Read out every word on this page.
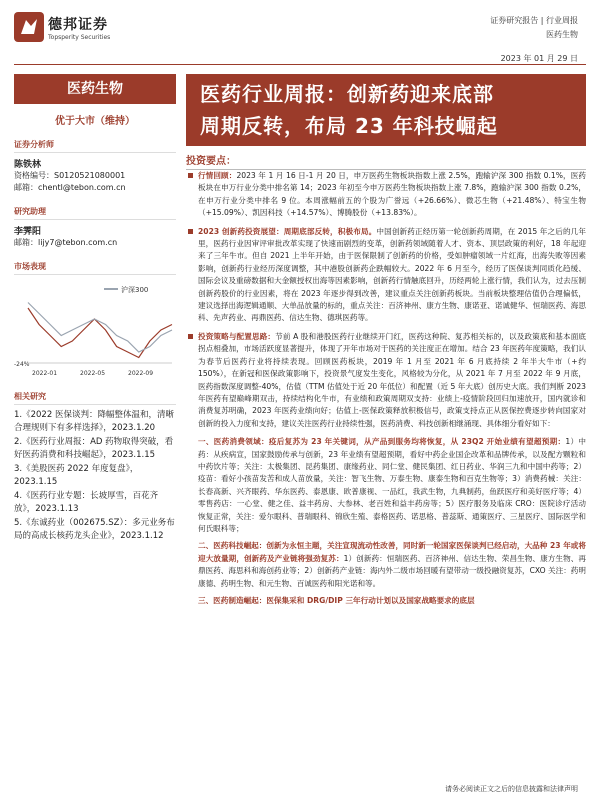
德邦证券
Topsperity Securities
证券研究报告 | 行业周报
医药生物
2023 年 01 月 29 日
医药生物
优于大市（维持）
证券分析师
陈铁林
资格编号：S0120521080001
邮箱：chentl@tebon.com.cn
研究助理
李霁阳
邮箱：lijy7@tebon.com.cn
市场表现
-24%
2022-01	2022-05	2022-09
沪深300
相关研究
1.《2022 医保谈判：降幅整体温和，清晰合理规则下有多样选择》，2023.1.20
2.《医药行业周报：AD 药物取得突破，看好医药消费和科技崛起》，2023.1.15
3.《美股医药 2022 年度复盘》，2023.1.15
4.《医药行业专题：长坡厚雪，百花齐放》，2023.1.13
5.《东诚药业（002675.SZ）：多元业务布局的高成长核药龙头企业》，2023.1.12
医药行业周报：创新药迎来底部
周期反转，布局 23 年科技崛起
投资要点：
行情回顾：2023 年 1 月 16 日-1 月 20 日，申万医药生物板块指数上涨 2.5%，跑输沪深 300 指数 0.1%，医药板块在申万行业分类中排名第 14；2023 年初至今申万医药生物板块指数上涨 7.8%，跑输沪深 300 指数 0.2%，在申万行业分类中排名 9 位。本周涨幅前五的个股为广誉远（+26.66%）、微芯生物（+21.48%）、特宝生物（+15.09%）、凯因科技（+14.57%）、博腾股份（+13.83%）。
2023 创新药投资展望：周期底部反转，积极布局。中国创新药正经历第一轮创新药周期，在 2015 年之后的几年里，医药行业因审评审批改革实现了快速而剧烈的变革，创新药领域随着人才、资本、顶层政策的利好，18 年起迎来了三年牛市。但自 2021 上半年开始，由于医保限制了创新药的价格，受如肿瘤领域一片红海，出海失败等因素影响，创新药行业经历深度调整，其中港股创新药企跌幅较大。2022 年 6 月至今，经历了医保谈判同质化趋缓、国际会议及重磅数据和大金额授权出海等因素影响，创新药行情触底回升，历经两轮上涨行情，我们认为，过去压制创新药股价的行业因素，将在 2023 年逐步得到改善，建议重点关注创新药板块。当前板块整理估值仍合理偏低，建议选择出海逻辑通顺、大单品放量的标的，重点关注：百济神州、康方生物、康诺亚、诺诚健华、恒瑞医药、海思科、先声药业、再鼎医药、信达生物、德琪医药等。
投资策略与配置思路：节前 A 股和港股医药行业继续开门红，医药这种院、复苏相关标的，以及政策底和基本面底拐点相叠加，市场活跃度显著提升，体现了开年市场对于医药的关注度正在增加。结合 23 年医药年度策略，我们认为春节后医药行业将持续表现。回顾医药板块，2019 年 1 月至 2021 年 6 月底持续 2 年半大牛市（+约 150%），在新冠和医保政策影响下，投资景气度发生变化，风格较为分化，从 2021 年 7 月至 2022 年 9 月底，医药指数深度调整-40%，估值（TTM 估值处于近 20 年低位）和配置（近 5 年大底）创历史大底。我们判断 2023 年医药有望巅峰期双击，持续结构化牛市，有业绩和政策周期双支持：业绩上-疫情阶段回归加速放开，国内就诊和消费复苏明确，2023 年医药业绩向好；估值上-医保政策释放积极信号，政策支持点正从医保控费逐步转向国家对创新的投入力度和支持，建议关注医药行业持续性强，医药消费、科技创新相继涌现、具体细分看好如下：
一、医药消费领域：疫后复苏为 23 年关键词，从产品到服务均将恢复，从 23Q2 开始业绩有望超预期：1）中药：从疾病宣，国家鼓励传承与创新，23 年业绩有望超预期，看好中药企业国企改革和品牌传承，以及配方颗粒和中药饮片等；关注：太极集团、昆药集团、康缘药业、同仁堂、健民集团、红日药业、华润三九和中国中药等；2）疫苗：看好小孩苗发苦和成人苗放量，关注：智飞生物、万泰生物、康泰生物和百克生物等；3）消费药械：关注：长春高新、兴齐眼药、华东医药、泰恩康、欧普康视、一品红，我武生物，九典制药，鱼跃医疗和美好医疗等；4）零售药店：一心堂、健之佳、益丰药房、大参林、老百姓和益丰药房等；5）医疗服务及临床 CRO：医院诊疗活动恢复正常，关注：爱尔眼科、普瑞眼科、锦欣生殖、泰格医药、诺思格、普蕊斯、通策医疗、三星医疗、国际医学和何氏眼科等；
二、医药科技崛起：创新为永恒主题，关注宣现流动性改善，同时新一轮国家医保谈判已经启动，大品种 23 年或将迎大放量期，创新药及产业链将强劲复苏：1）创新药：恒瑞医药、百济神州、信达生物、荣昌生物、康方生物、再鼎医药、海思科和海创药业等；2）创新药产业链：海内外二级市场回暖有望带动一级投融资复苏，CXO 关注：药明康德、药明生物、和元生物、百诚医药和阳光诺和等。
三、医药制造崛起：医保集采和 DRG/DIP 三年行动计划以及国家战略要求的底层
请务必阅读正文之后的信息披露和法律声明
